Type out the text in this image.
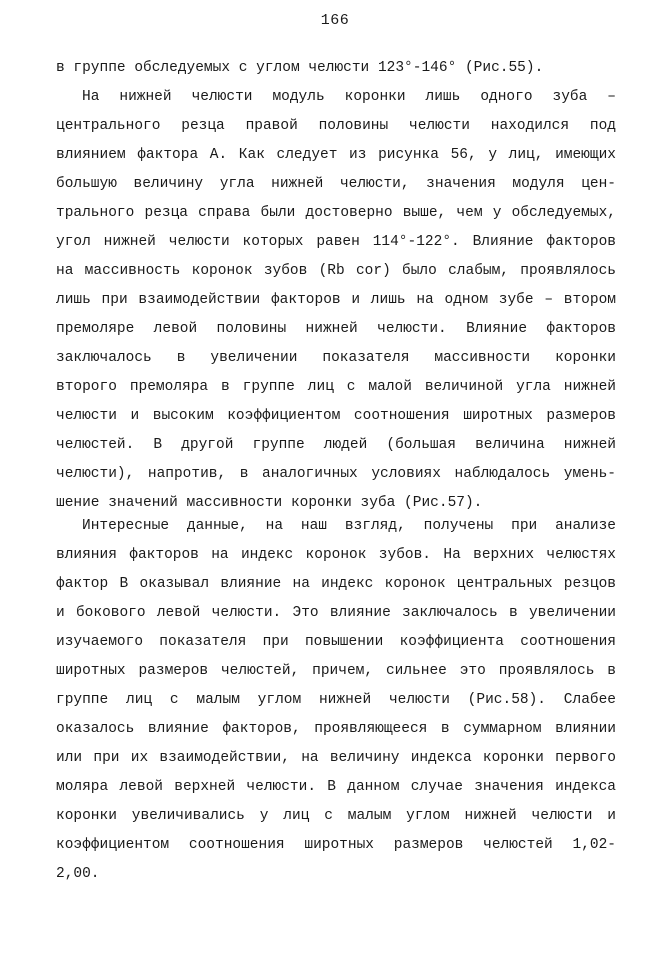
166
в группе обследуемых с углом челюсти 123°-146° (Рис.55).
На нижней челюсти модуль коронки лишь одного зуба –
центрального резца правой половины челюсти находился под
влиянием фактора А. Как следует из рисунка 56, у лиц, имеющих
большую величину угла нижней челюсти, значения модуля цен-
трального резца справа были достоверно выше, чем у обследуемых,
угол нижней челюсти которых равен 114°-122°. Влияние факторов
на массивность коронок зубов (Rb cor) было слабым, проявлялось
лишь при взаимодействии факторов и лишь на одном зубе – втором
премоляре левой половины нижней челюсти. Влияние факторов
заключалось в увеличении показателя массивности коронки
второго премоляра в группе лиц с малой величиной угла нижней
челюсти и высоким коэффициентом соотношения широтных размеров
челюстей. В другой группе людей (большая величина нижней
челюсти), напротив, в аналогичных условиях наблюдалось умень-
шение значений массивности коронки зуба (Рис.57).
Интересные данные, на наш взгляд, получены при анализе
влияния факторов на индекс коронок зубов. На верхних челюстях
фактор В оказывал влияние на индекс коронок центральных резцов
и бокового левой челюсти. Это влияние заключалось в увеличении
изучаемого показателя при повышении коэффициента соотношения
широтных размеров челюстей, причем, сильнее это проявлялось в
группе лиц с малым углом нижней челюсти (Рис.58). Слабее
оказалось влияние факторов, проявляющееся в суммарном влиянии
или при их взаимодействии, на величину индекса коронки первого
моляра левой верхней челюсти. В данном случае значения индекса
коронки увеличивались у лиц с малым углом нижней челюсти и
коэффициентом соотношения широтных размеров челюстей 1,02-
2,00.
